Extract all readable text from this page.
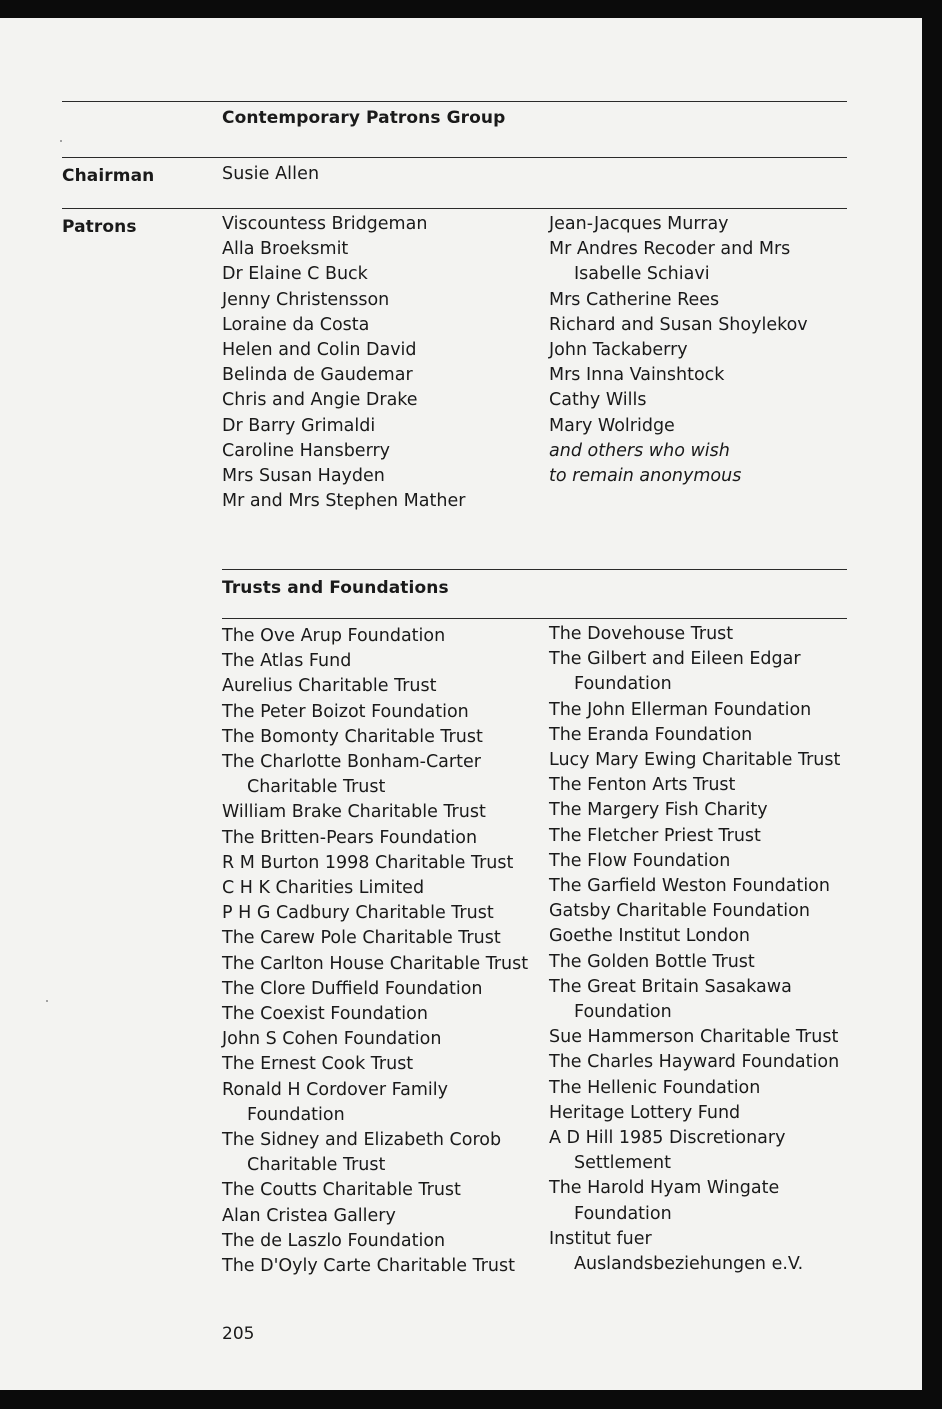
Contemporary Patrons Group
Chairman	Susie Allen
Patrons	Viscountess Bridgeman
Alla Broeksmit
Dr Elaine C Buck
Jenny Christensson
Loraine da Costa
Helen and Colin David
Belinda de Gaudemar
Chris and Angie Drake
Dr Barry Grimaldi
Caroline Hansberry
Mrs Susan Hayden
Mr and Mrs Stephen Mather
Jean-Jacques Murray
Mr Andres Recoder and Mrs
Isabelle Schiavi
Mrs Catherine Rees
Richard and Susan Shoylekov
John Tackaberry
Mrs Inna Vainshtock
Cathy Wills
Mary Wolridge
and others who wish
to remain anonymous
Trusts and Foundations
The Ove Arup Foundation
The Atlas Fund
Aurelius Charitable Trust
The Peter Boizot Foundation
The Bomonty Charitable Trust
The Charlotte Bonham-Carter
Charitable Trust
William Brake Charitable Trust
The Britten-Pears Foundation
R M Burton 1998 Charitable Trust
C H K Charities Limited
P H G Cadbury Charitable Trust
The Carew Pole Charitable Trust
The Carlton House Charitable Trust
The Clore Duffield Foundation
The Coexist Foundation
John S Cohen Foundation
The Ernest Cook Trust
Ronald H Cordover Family
Foundation
The Sidney and Elizabeth Corob
Charitable Trust
The Coutts Charitable Trust
Alan Cristea Gallery
The de Laszlo Foundation
The D'Oyly Carte Charitable Trust
The Dovehouse Trust
The Gilbert and Eileen Edgar
Foundation
The John Ellerman Foundation
The Eranda Foundation
Lucy Mary Ewing Charitable Trust
The Fenton Arts Trust
The Margery Fish Charity
The Fletcher Priest Trust
The Flow Foundation
The Garfield Weston Foundation
Gatsby Charitable Foundation
Goethe Institut London
The Golden Bottle Trust
The Great Britain Sasakawa
Foundation
Sue Hammerson Charitable Trust
The Charles Hayward Foundation
The Hellenic Foundation
Heritage Lottery Fund
A D Hill 1985 Discretionary
Settlement
The Harold Hyam Wingate
Foundation
Institut fuer
Auslandsbeziehungen e.V.
205
